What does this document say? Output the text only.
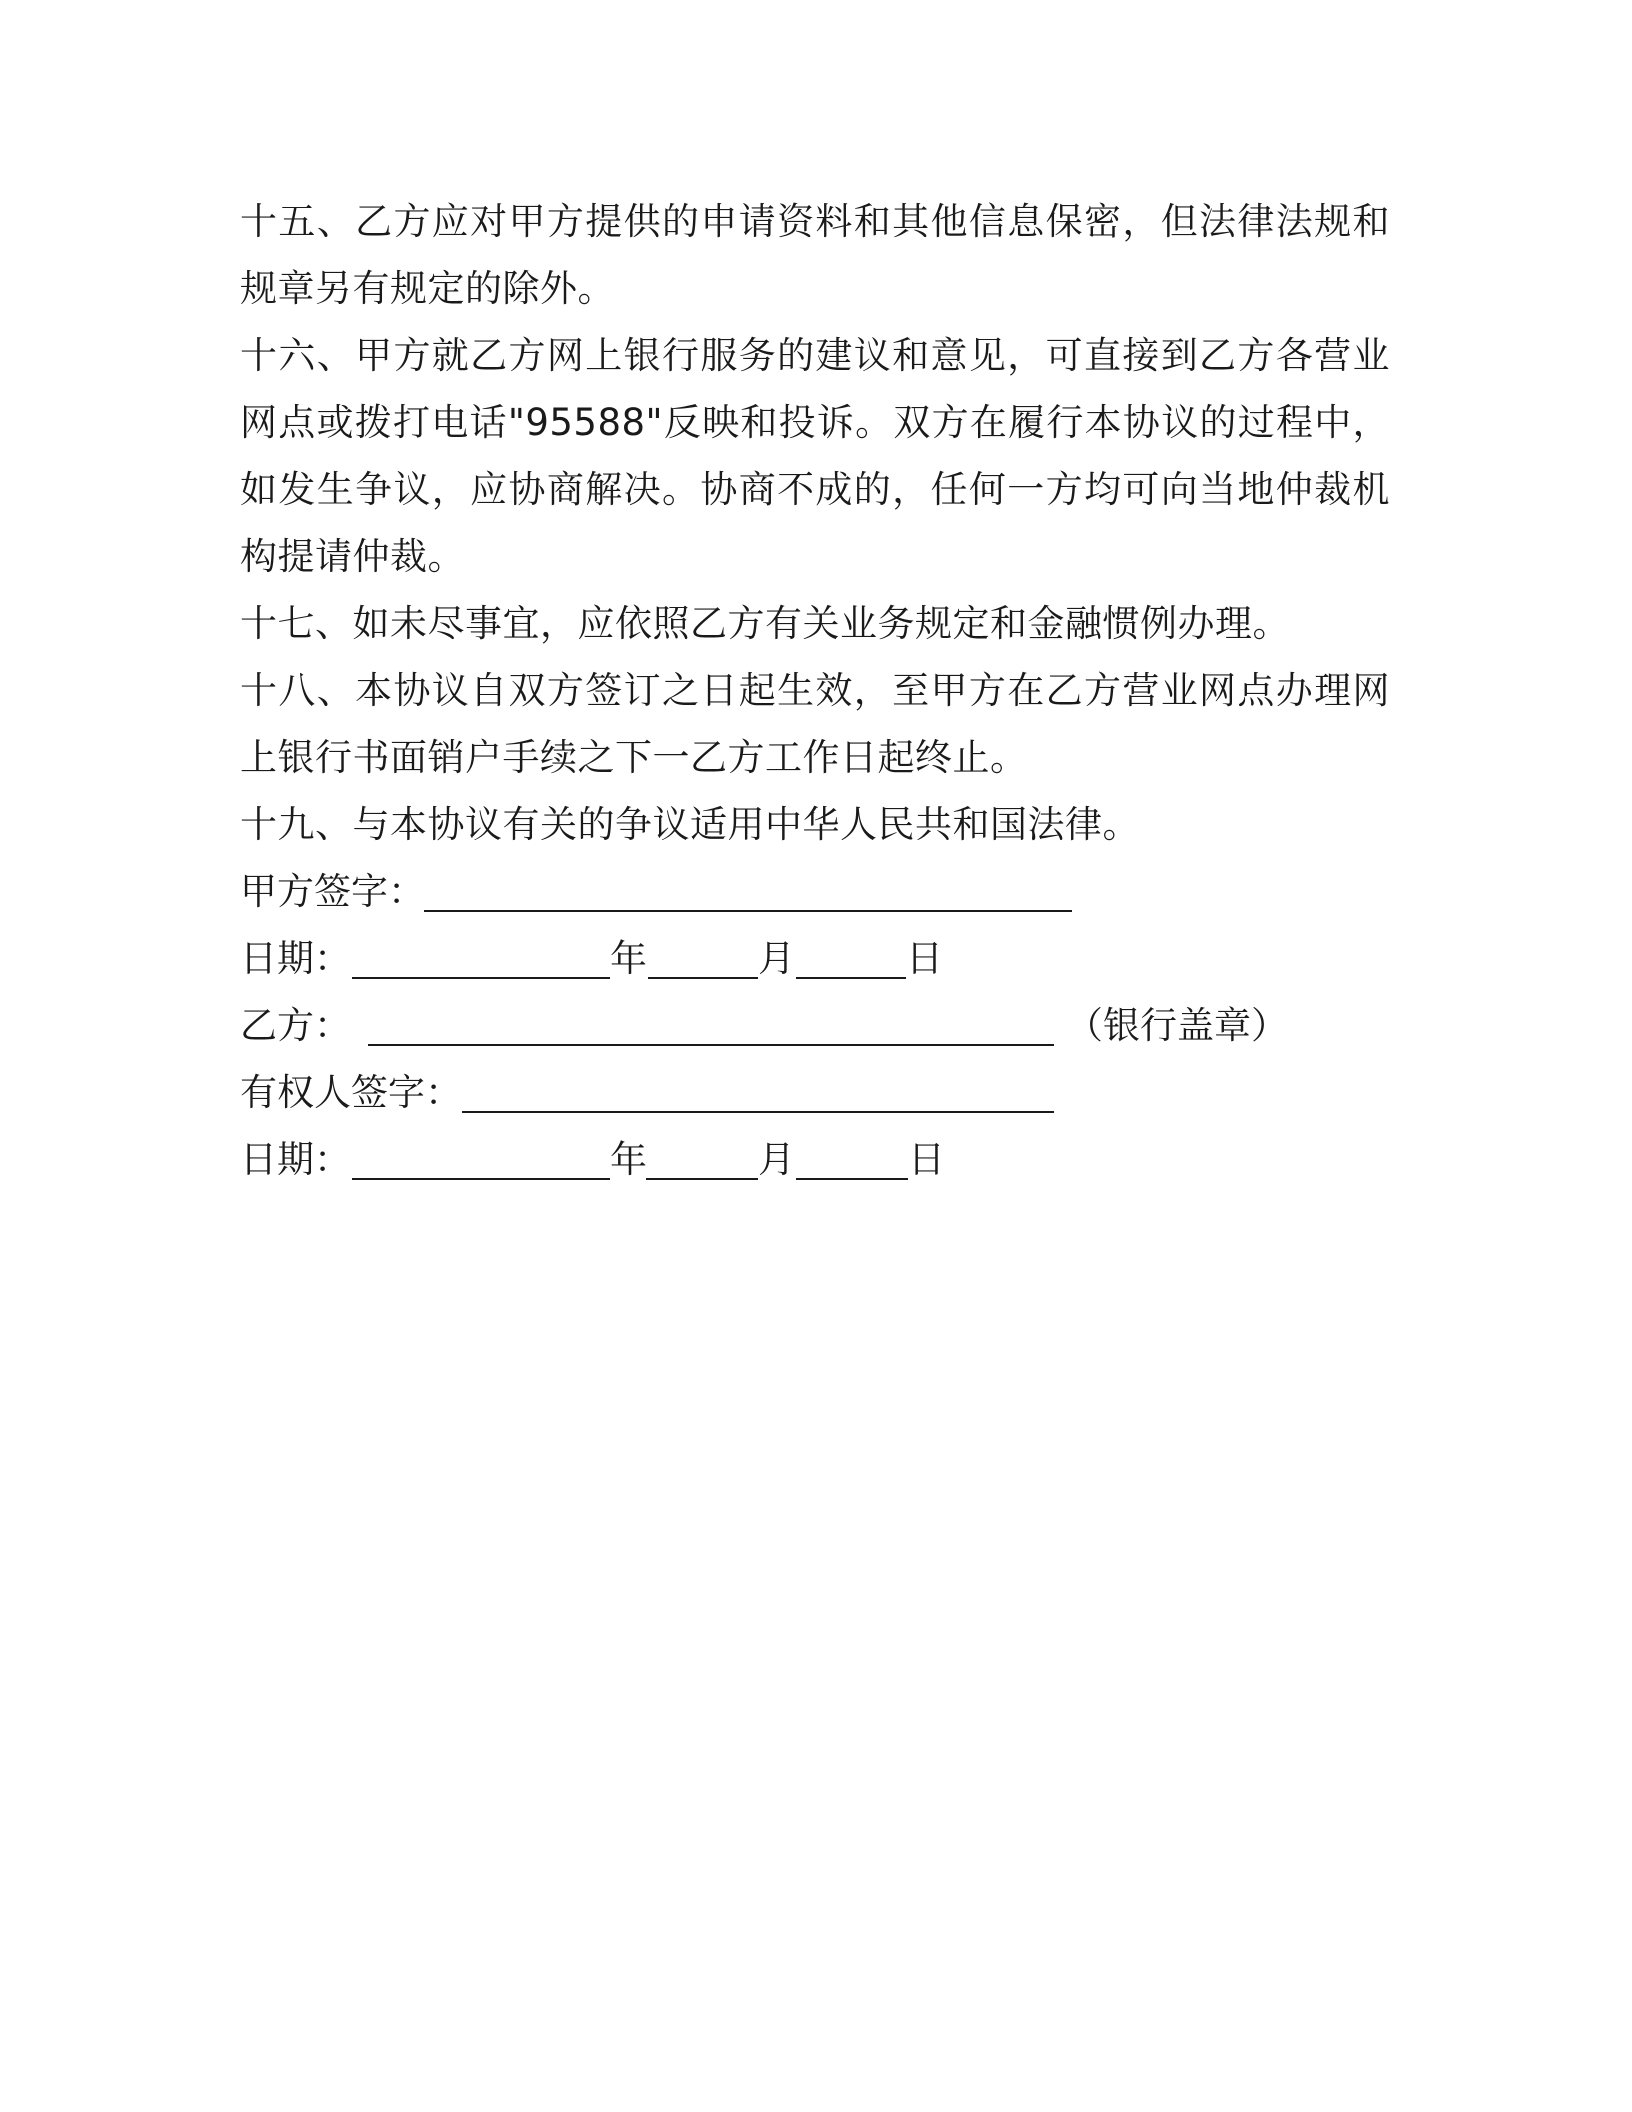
十五、乙方应对甲方提供的申请资料和其他信息保密，但法律法规和规章另有规定的除外。

十六、甲方就乙方网上银行服务的建议和意见，可直接到乙方各营业网点或拨打电话"95588"反映和投诉。双方在履行本协议的过程中，如发生争议，应协商解决。协商不成的，任何一方均可向当地仲裁机构提请仲裁。

十七、如未尽事宜，应依照乙方有关业务规定和金融惯例办理。

十八、本协议自双方签订之日起生效，至甲方在乙方营业网点办理网上银行书面销户手续之下一乙方工作日起终止。

十九、与本协议有关的争议适用中华人民共和国法律。

甲方签字：
日期：	年	月	日
乙方：	（银行盖章）
有权人签字：
日期：	年	月	日
